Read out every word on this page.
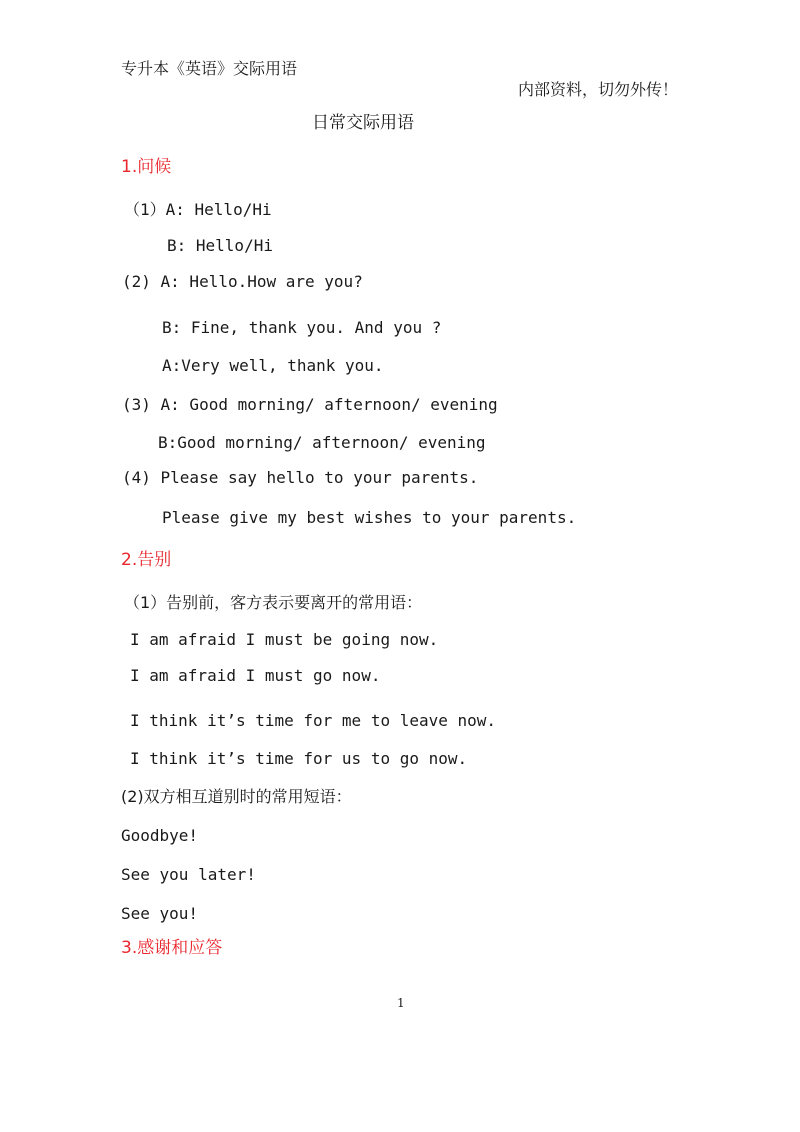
专升本《英语》交际用语
内部资料，切勿外传！
日常交际用语
1.问候
（1）A: Hello/Hi
B: Hello/Hi
(2) A: Hello.How are you?
B: Fine, thank you. And you ?
A:Very well, thank you.
(3) A: Good morning/ afternoon/ evening
B:Good morning/ afternoon/ evening
(4) Please say hello to your parents.
Please give my best wishes to your parents.
2.告别
（1）告别前，客方表示要离开的常用语：
I am afraid I must be going now.
I am afraid I must go now.
I think it’s time for me to leave now.
I think it’s time for us to go now.
(2)双方相互道别时的常用短语：
Goodbye!
See you later!
See you!
3.感谢和应答
1
